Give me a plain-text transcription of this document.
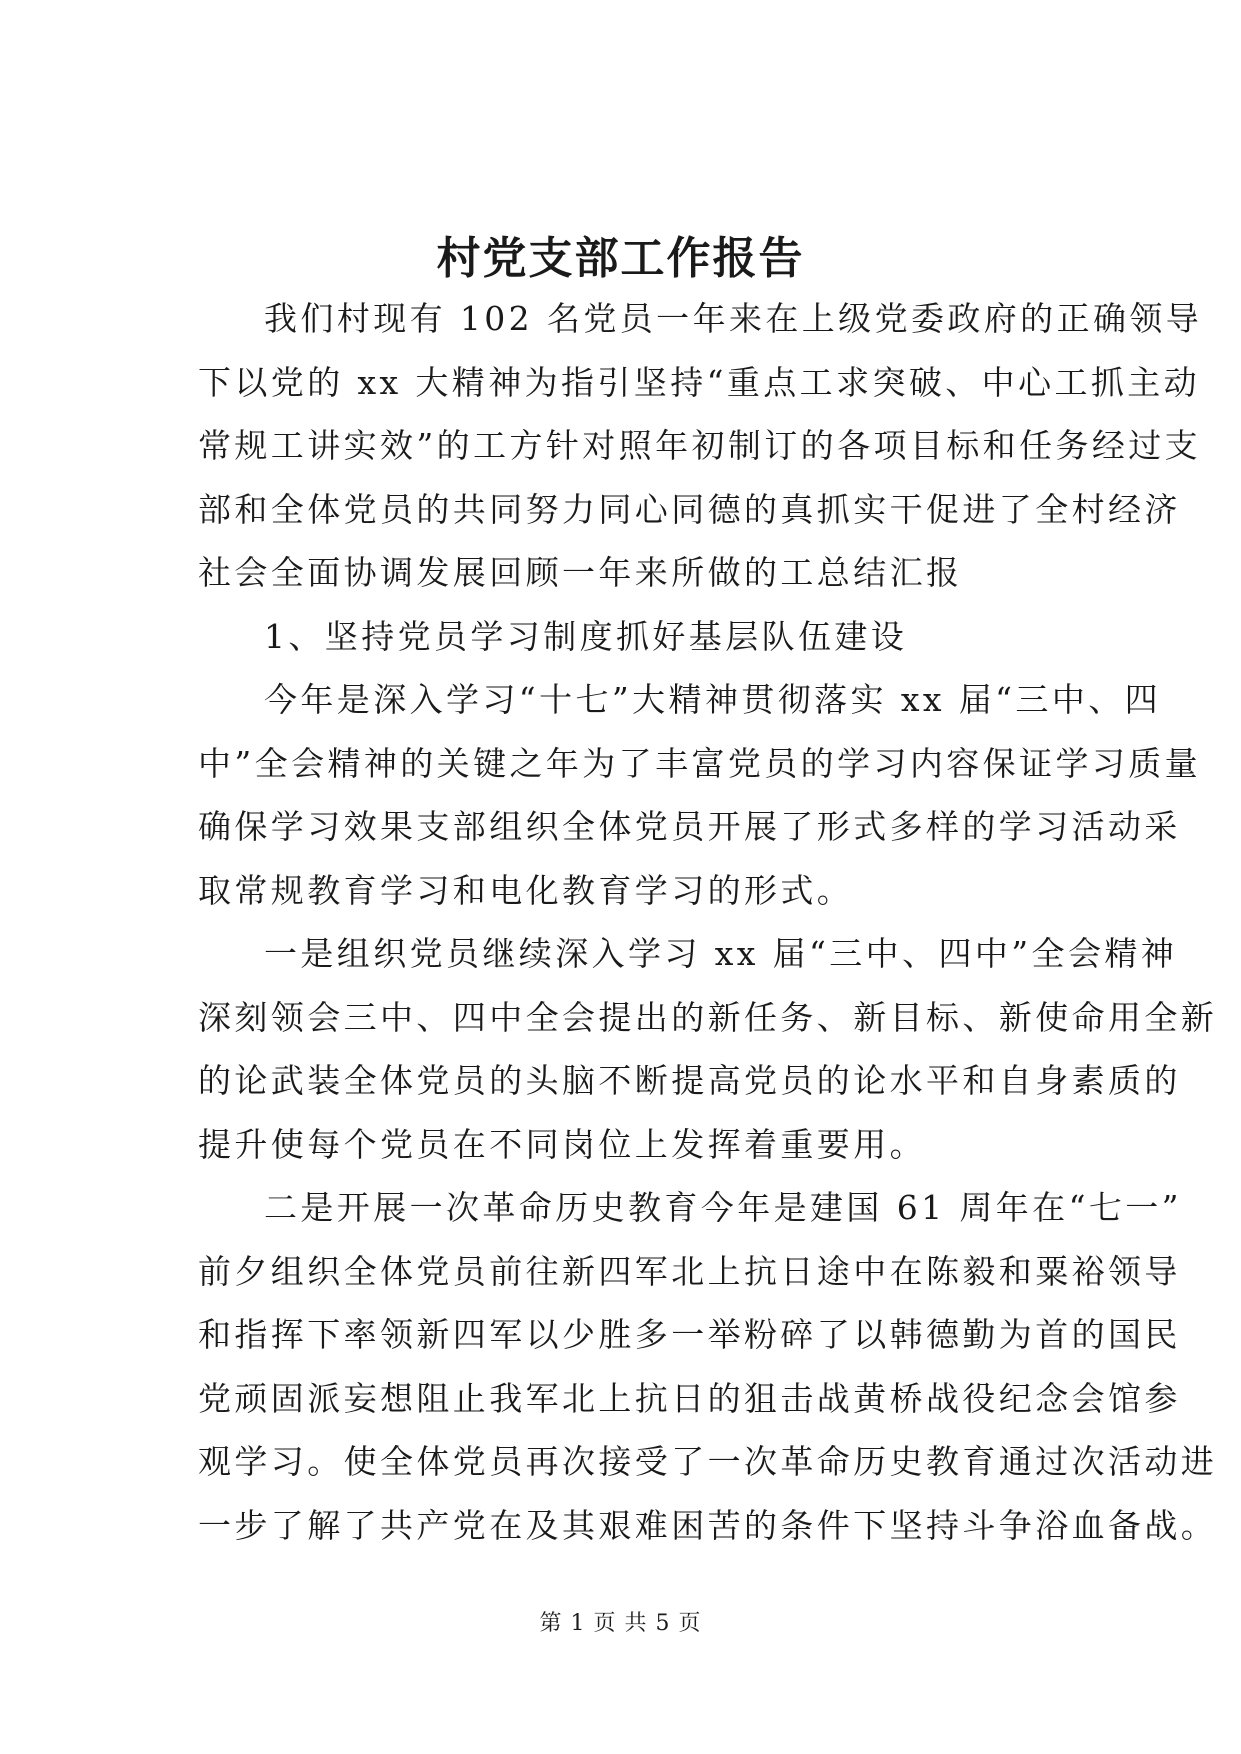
村党支部工作报告
我们村现有 102 名党员一年来在上级党委政府的正确领导
下以党的 xx 大精神为指引坚持“重点工求突破、中心工抓主动
常规工讲实效”的工方针对照年初制订的各项目标和任务经过支
部和全体党员的共同努力同心同德的真抓实干促进了全村经济
社会全面协调发展回顾一年来所做的工总结汇报
1、坚持党员学习制度抓好基层队伍建设
今年是深入学习“十七”大精神贯彻落实 xx 届“三中、四
中”全会精神的关键之年为了丰富党员的学习内容保证学习质量
确保学习效果支部组织全体党员开展了形式多样的学习活动采
取常规教育学习和电化教育学习的形式。
一是组织党员继续深入学习 xx 届“三中、四中”全会精神
深刻领会三中、四中全会提出的新任务、新目标、新使命用全新
的论武装全体党员的头脑不断提高党员的论水平和自身素质的
提升使每个党员在不同岗位上发挥着重要用。
二是开展一次革命历史教育今年是建国 61 周年在“七一”
前夕组织全体党员前往新四军北上抗日途中在陈毅和粟裕领导
和指挥下率领新四军以少胜多一举粉碎了以韩德勤为首的国民
党顽固派妄想阻止我军北上抗日的狙击战黄桥战役纪念会馆参
观学习。使全体党员再次接受了一次革命历史教育通过次活动进
一步了解了共产党在及其艰难困苦的条件下坚持斗争浴血备战。
第 1 页 共 5 页
